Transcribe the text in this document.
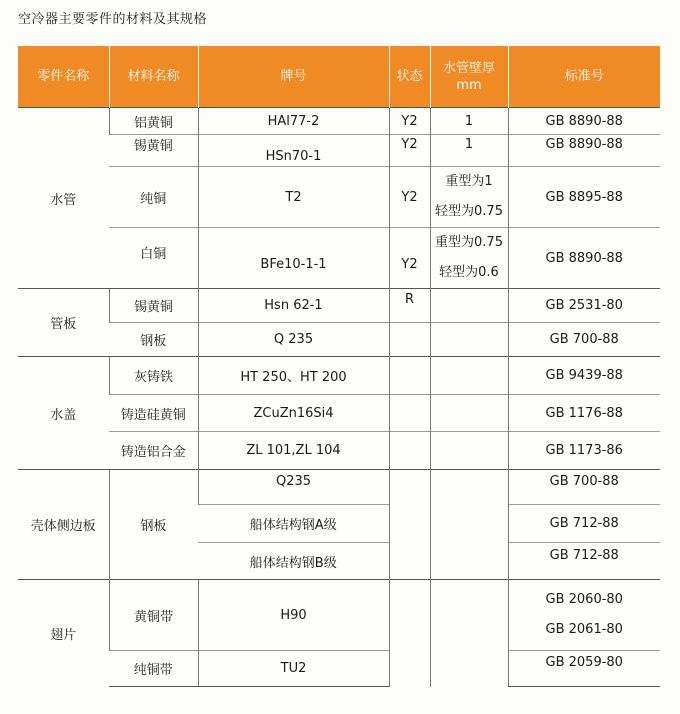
空冷器主要零件的材料及其规格
零件名称	材料名称	牌号	状态	水管壁厚
mm	标准号
水管	铝黄铜	HAl77-2	Y2	1	GB 8890-88
	锡黄铜	HSn70-1	Y2	1	GB 8890-88
	纯铜	T2	Y2	重型为1
轻型为0.75	GB 8895-88
	白铜	BFe10-1-1	Y2	重型为0.75
轻型为0.6	GB 8890-88
管板	锡黄铜	Hsn 62-1	R		GB 2531-80
	钢板	Q 235			GB 700-88
水盖	灰铸铁	HT 250、HT 200			GB 9439-88
	铸造硅黄铜	ZCuZn16Si4			GB 1176-88
	铸造铝合金	ZL 101,ZL 104			GB 1173-86
壳体侧边板	钢板	Q235			GB 700-88
		船体结构钢A级			GB 712-88
		船体结构钢B级			GB 712-88
翅片	黄铜带	H90			GB 2060-80
GB 2061-80

	纯铜带	TU2			GB 2059-80
